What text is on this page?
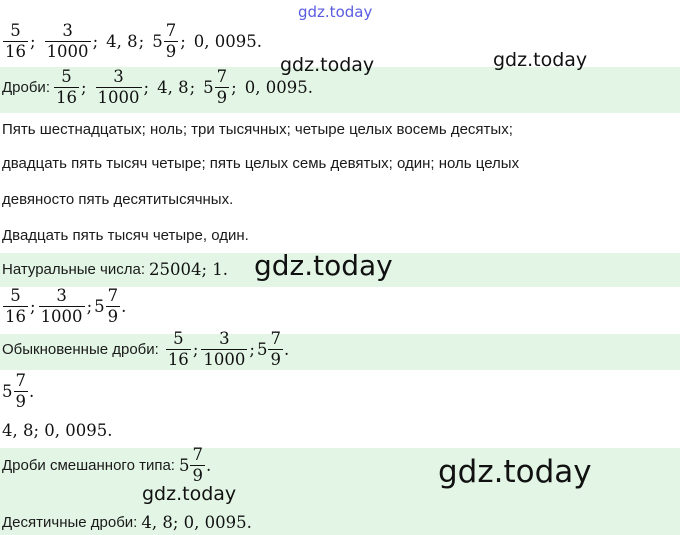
gdz.today
$\frac{5}{16}$ ; $\frac{3}{1000}$ ; 4, 8 ; $5 \frac{7}{9}$ ; 0, 0095.
gdz.today	gdz.today
Дроби: $\frac{5}{16}$ ; $\frac{3}{1000}$ ; 4, 8 ; $5 \frac{7}{9}$ ; 0, 0095.
Пять шестнадцатых; ноль; три тысячных; четыре целых восемь десятых;
двадцать пять тысяч четыре; пять целых семь девятых; один; ноль целых
девяносто пять десятитысячных.
Двадцать пять тысяч четыре, один.
Натуральные числа: 25004; 1. gdz.today
$\frac{5}{16}$ ; $\frac{3}{1000}$ ; $5 \frac{7}{9}$ .
Обыкновенные дроби: $\frac{5}{16}$ ; $\frac{3}{1000}$ ; $5 \frac{7}{9}$ .
$5 \frac{7}{9}$ .
4, 8; 0, 0095.
Дроби смешанного типа: $5 \frac{7}{9}$ .	gdz.today
gdz.today
Десятичные дроби: 4, 8; 0, 0095.
